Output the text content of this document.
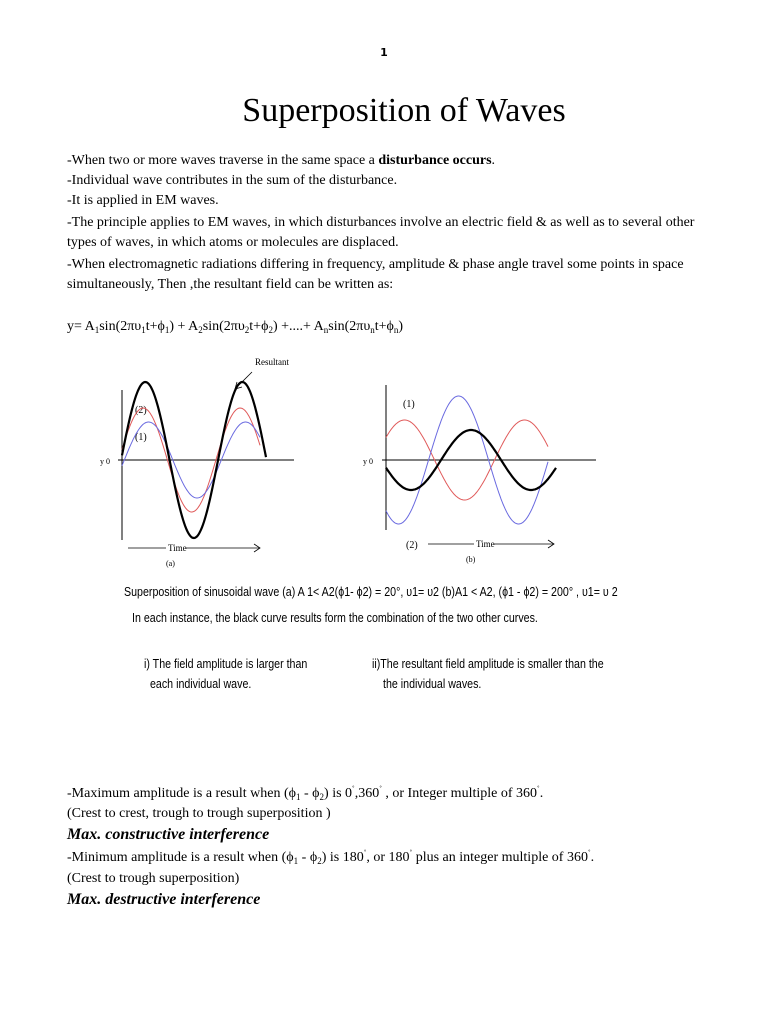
1
Superposition of Waves
-When two or more waves traverse in the same space a disturbance occurs.
-Individual wave contributes in the sum of the disturbance.
-It is applied in EM waves.
-The principle applies to EM waves, in which disturbances involve an electric field & as well as to several other
types of waves, in which atoms or molecules are displaced.
-When electromagnetic radiations differing in frequency, amplitude & phase angle travel some points in space
simultaneously, Then ,the resultant field can be written as:
$y= A_1\sin(2\pi\upsilon_1t+\phi_1) + A_2\sin(2\pi\upsilon_2t+\phi_2)$ +....+ $A_n\sin(2\pi\upsilon_nt+\phi_n)$
Resultant
(2)
(1)
y 0
Time
(a)
(1)
(2)
y 0
Time
(b)
Superposition of sinusoidal wave (a) A 1< A2(ϕ1- ϕ2) = 20°, υ1= υ2 (b)A1 < A2, (ϕ1 - ϕ2) = 200° , υ1= υ 2
In each instance, the black curve results form the combination of the two other curves.
i) The field amplitude is larger than
each individual wave.
ii)The resultant field amplitude is smaller than the
the individual waves.
-Maximum amplitude is a result when $(\phi_1 - \phi_2)$ is 0˚,360˚ , or Integer multiple of 360˚.
(Crest to crest, trough to trough superposition )
Max. constructive interference
-Minimum amplitude is a result when $(\phi_1 - \phi_2)$ is 180˚, or 180˚ plus an integer multiple of 360˚.
(Crest to trough superposition)
Max. destructive interference
